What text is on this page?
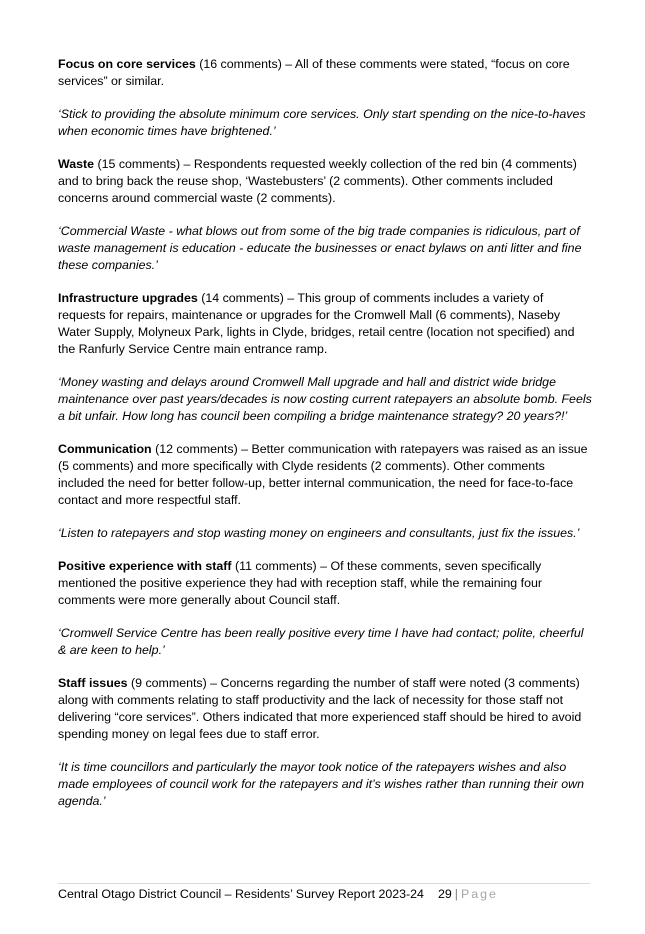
Focus on core services (16 comments) – All of these comments were stated, “focus on core services” or similar.

‘Stick to providing the absolute minimum core services. Only start spending on the nice-to-haves when economic times have brightened.’

Waste (15 comments) – Respondents requested weekly collection of the red bin (4 comments) and to bring back the reuse shop, ‘Wastebusters’ (2 comments). Other comments included concerns around commercial waste (2 comments).

‘Commercial Waste - what blows out from some of the big trade companies is ridiculous, part of waste management is education - educate the businesses or enact bylaws on anti litter and fine these companies.’

Infrastructure upgrades (14 comments) – This group of comments includes a variety of requests for repairs, maintenance or upgrades for the Cromwell Mall (6 comments), Naseby Water Supply, Molyneux Park, lights in Clyde, bridges, retail centre (location not specified) and the Ranfurly Service Centre main entrance ramp.

‘Money wasting and delays around Cromwell Mall upgrade and hall and district wide bridge maintenance over past years/decades is now costing current ratepayers an absolute bomb. Feels a bit unfair. How long has council been compiling a bridge maintenance strategy? 20 years?!’

Communication (12 comments) – Better communication with ratepayers was raised as an issue (5 comments) and more specifically with Clyde residents (2 comments). Other comments included the need for better follow-up, better internal communication, the need for face-to-face contact and more respectful staff.

‘Listen to ratepayers and stop wasting money on engineers and consultants, just fix the issues.’

Positive experience with staff (11 comments) – Of these comments, seven specifically mentioned the positive experience they had with reception staff, while the remaining four comments were more generally about Council staff.

‘Cromwell Service Centre has been really positive every time I have had contact; polite, cheerful & are keen to help.’

Staff issues (9 comments) – Concerns regarding the number of staff were noted (3 comments) along with comments relating to staff productivity and the lack of necessity for those staff not delivering “core services”. Others indicated that more experienced staff should be hired to avoid spending money on legal fees due to staff error.

‘It is time councillors and particularly the mayor took notice of the ratepayers wishes and also made employees of council work for the ratepayers and it’s wishes rather than running their own agenda.’

Central Otago District Council – Residents’ Survey Report 2023-24 29 | Page
